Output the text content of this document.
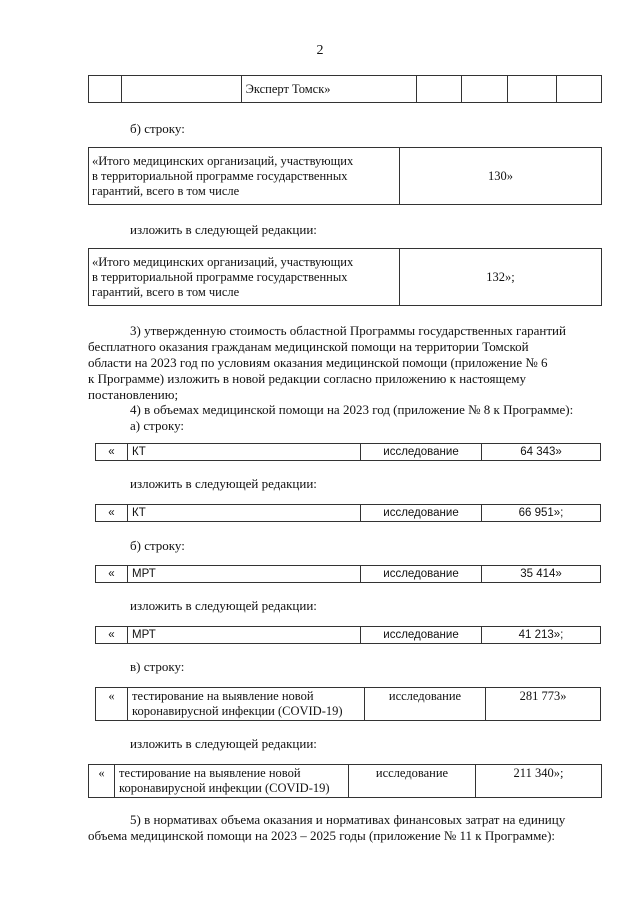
2
		Эксперт Томск»				
б) строку:
«Итого медицинских организаций, участвующих
в территориальной программе государственных
гарантий, всего в том числе
	130»
изложить в следующей редакции:
«Итого медицинских организаций, участвующих
в территориальной программе государственных
гарантий, всего в том числе
	132»;
3) утвержденную стоимость областной Программы государственных гарантий
бесплатного оказания гражданам медицинской помощи на территории Томской
области на 2023 год по условиям оказания медицинской помощи (приложение № 6
к Программе) изложить в новой редакции согласно приложению к настоящему
постановлению;
4) в объемах медицинской помощи на 2023 год (приложение № 8 к Программе):
а) строку:
«	КТ	исследование	64 343»
изложить в следующей редакции:
«	КТ	исследование	66 951»;
б) строку:
«	МРТ	исследование	35 414»
изложить в следующей редакции:
«	МРТ	исследование	41 213»;
в) строку:
«	тестирование на выявление новой
коронавирусной инфекции (COVID-19)
	исследование	281 773»
изложить в следующей редакции:
«	тестирование на выявление новой
коронавирусной инфекции (COVID-19)
	исследование	211 340»;
5) в нормативах объема оказания и нормативах финансовых затрат на единицу
объема медицинской помощи на 2023 – 2025 годы (приложение № 11 к Программе):
